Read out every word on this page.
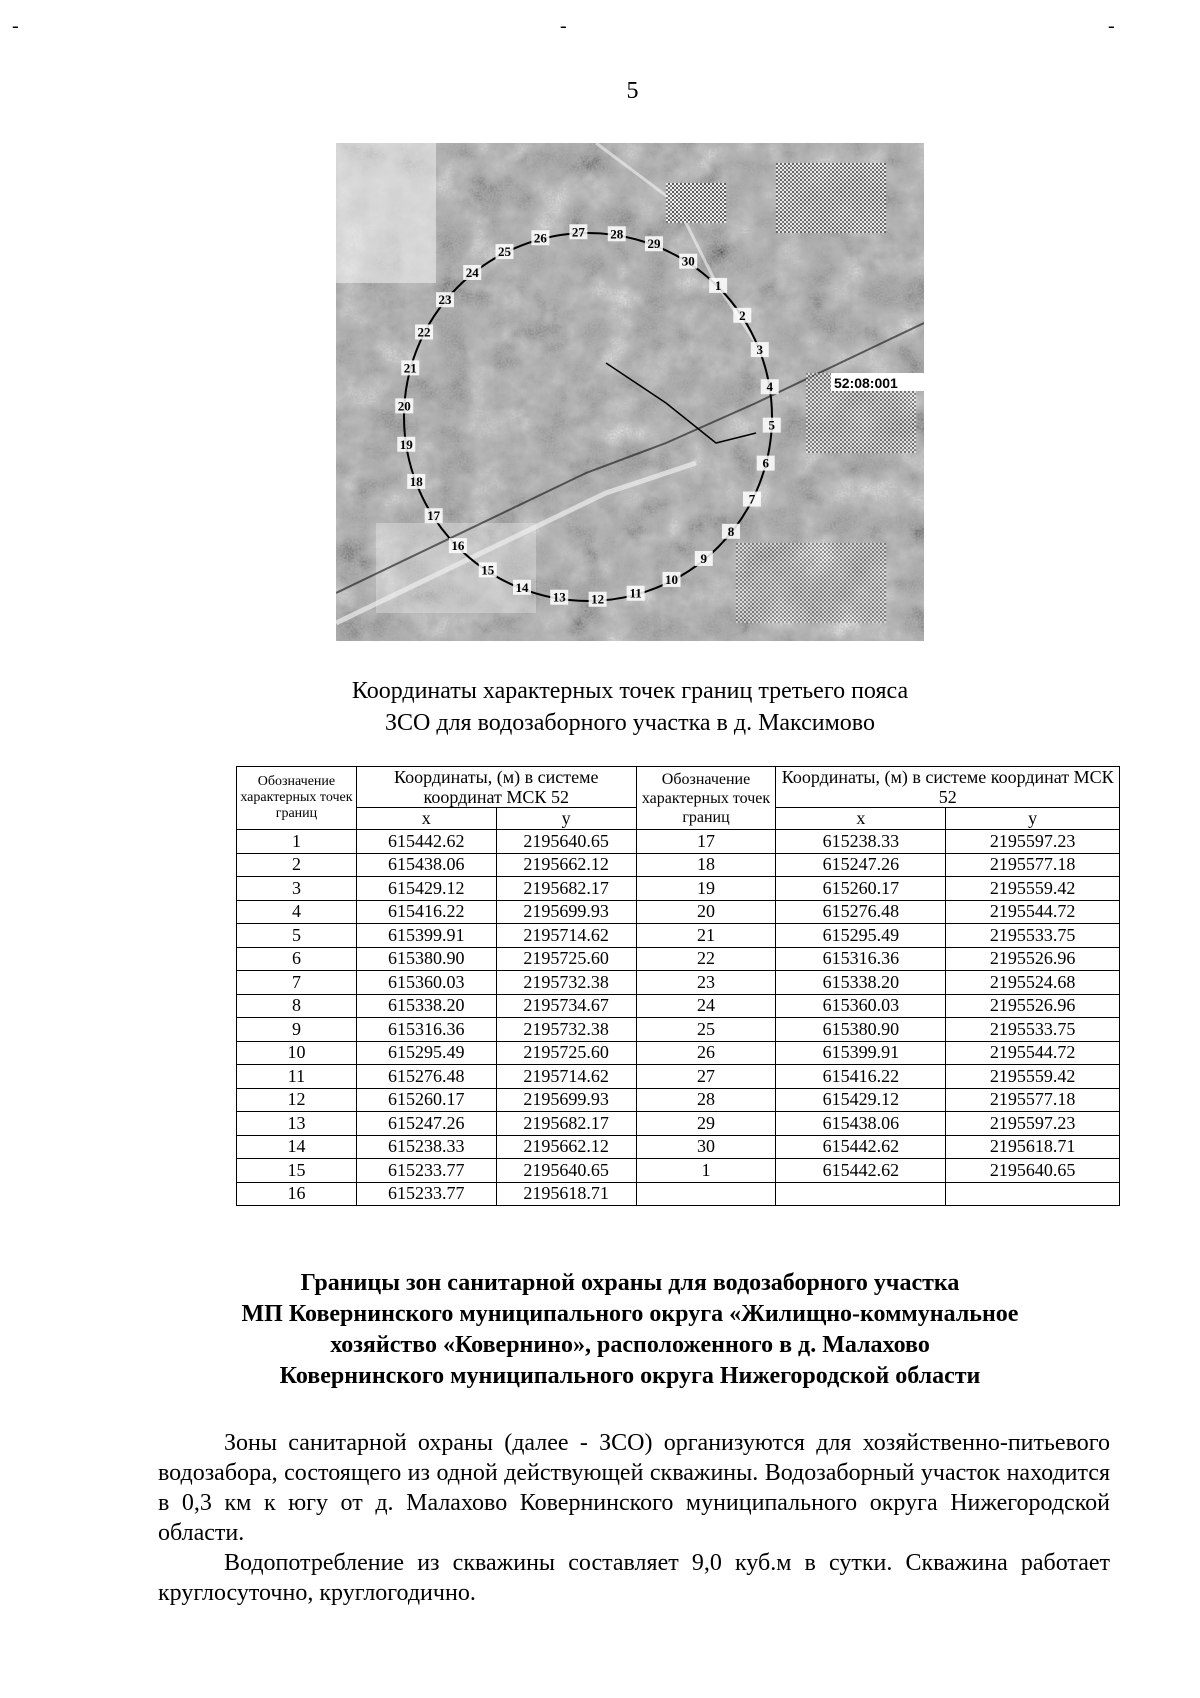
-	-	-
5
52:08:001
1
2
3
4
5
6
7
8
9
10
11
12
13
14
15
16
17
18
19
20
21
22
23
24
25
26 27 28
29
30
Координаты характерных точек границ третьего пояса
ЗСО для водозаборного участка в д. Максимово
Обозначение характерных точек границ	Координаты, (м) в системе координат МСК 52		Обозначение характерных точек границ	Координаты, (м) в системе координат МСК 52	
	x	y		x	y
1	615442.62	2195640.65	17	615238.33	2195597.23
2	615438.06	2195662.12	18	615247.26	2195577.18
3	615429.12	2195682.17	19	615260.17	2195559.42
4	615416.22	2195699.93	20	615276.48	2195544.72
5	615399.91	2195714.62	21	615295.49	2195533.75
6	615380.90	2195725.60	22	615316.36	2195526.96
7	615360.03	2195732.38	23	615338.20	2195524.68
8	615338.20	2195734.67	24	615360.03	2195526.96
9	615316.36	2195732.38	25	615380.90	2195533.75
10	615295.49	2195725.60	26	615399.91	2195544.72
11	615276.48	2195714.62	27	615416.22	2195559.42
12	615260.17	2195699.93	28	615429.12	2195577.18
13	615247.26	2195682.17	29	615438.06	2195597.23
14	615238.33	2195662.12	30	615442.62	2195618.71
15	615233.77	2195640.65	1	615442.62	2195640.65
16	615233.77	2195618.71			
Границы зон санитарной охраны для водозаборного участка
МП Ковернинского муниципального округа «Жилищно-коммунальное
хозяйство «Ковернино», расположенного в д. Малахово
Ковернинского муниципального округа Нижегородской области

Зоны санитарной охраны (далее - ЗСО) организуются для хозяйственно-питьевого водозабора, состоящего из одной действующей скважины. Водозаборный участок находится в 0,3 км к югу от д. Малахово Ковернинского муниципального округа Нижегородской области.

Водопотребление из скважины составляет 9,0 куб.м в сутки. Скважина работает круглосуточно, круглогодично.
